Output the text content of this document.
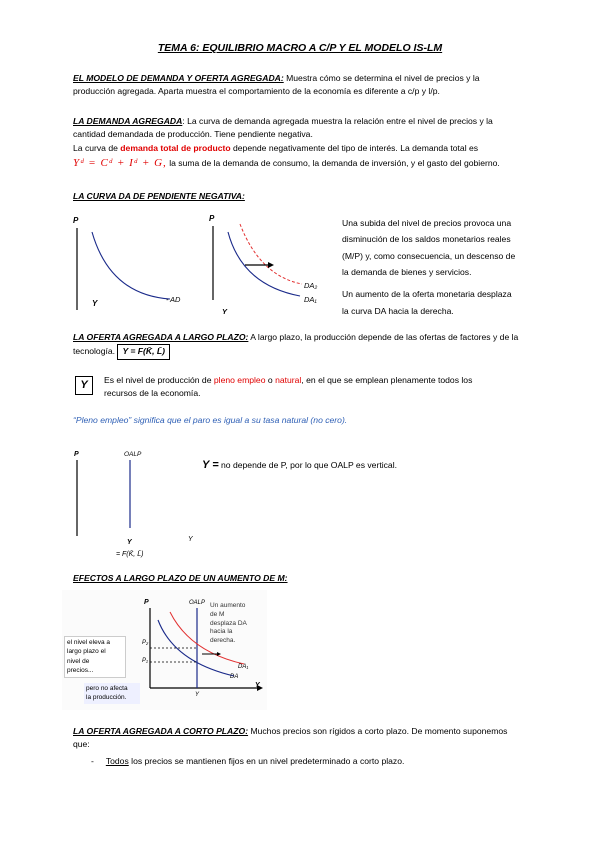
TEMA 6: EQUILIBRIO MACRO A C/P Y EL MODELO IS-LM

EL MODELO DE DEMANDA Y OFERTA AGREGADA: Muestra cómo se determina el nivel de precios y la

producción agregada. Aparta muestra el comportamiento de la economía es diferente a c/p y l/p.

LA DEMANDA AGREGADA: La curva de demanda agregada muestra la relación entre el nivel de precios y la

cantidad demandada de producción. Tiene pendiente negativa.

La curva de demanda total de producto depende negativamente del tipo de interés. La demanda total es

Yᵈ = Cᵈ + Iᵈ + G, la suma de la demanda de consumo, la demanda de inversión, y el gasto del gobierno.

LA CURVA DA DE PENDIENTE NEGATIVA:
P
- AD
P
Y
DA₂
DA₁
Y

Una subida del nivel de precios provoca una

disminución de los saldos monetarios reales

(M/P) y, como consecuencia, un descenso de

la demanda de bienes y servicios.

Un aumento de la oferta monetaria desplaza

la curva DA hacia la derecha.

LA OFERTA AGREGADA A LARGO PLAZO: A largo plazo, la producción depende de las ofertas de factores y de la

tecnología. Y = F(K̄, L̄)

Y	Es el nivel de producción de pleno empleo o natural, en el que se emplean plenamente todos los

recursos de la economía.

“Pleno empleo” significa que el paro es igual a su tasa natural (no cero).
P	OALP
Y
= F(K̄, L̄)
Y
Y = no depende de P, por lo que OALP es vertical.
EFECTOS A LARGO PLAZO DE UN AUMENTO DE M:
P
Y
OALP
P₂
P₁
DA₁
DA
Y
el nivel eleva a
largo plazo el
nivel de
precios...
pero no afecta
la producción.
Un aumento
de M
desplaza DA
hacia la
derecha.

LA OFERTA AGREGADA A CORTO PLAZO: Muchos precios son rígidos a corto plazo. De momento suponemos

que:

- Todos los precios se mantienen fijos en un nivel predeterminado a corto plazo.
